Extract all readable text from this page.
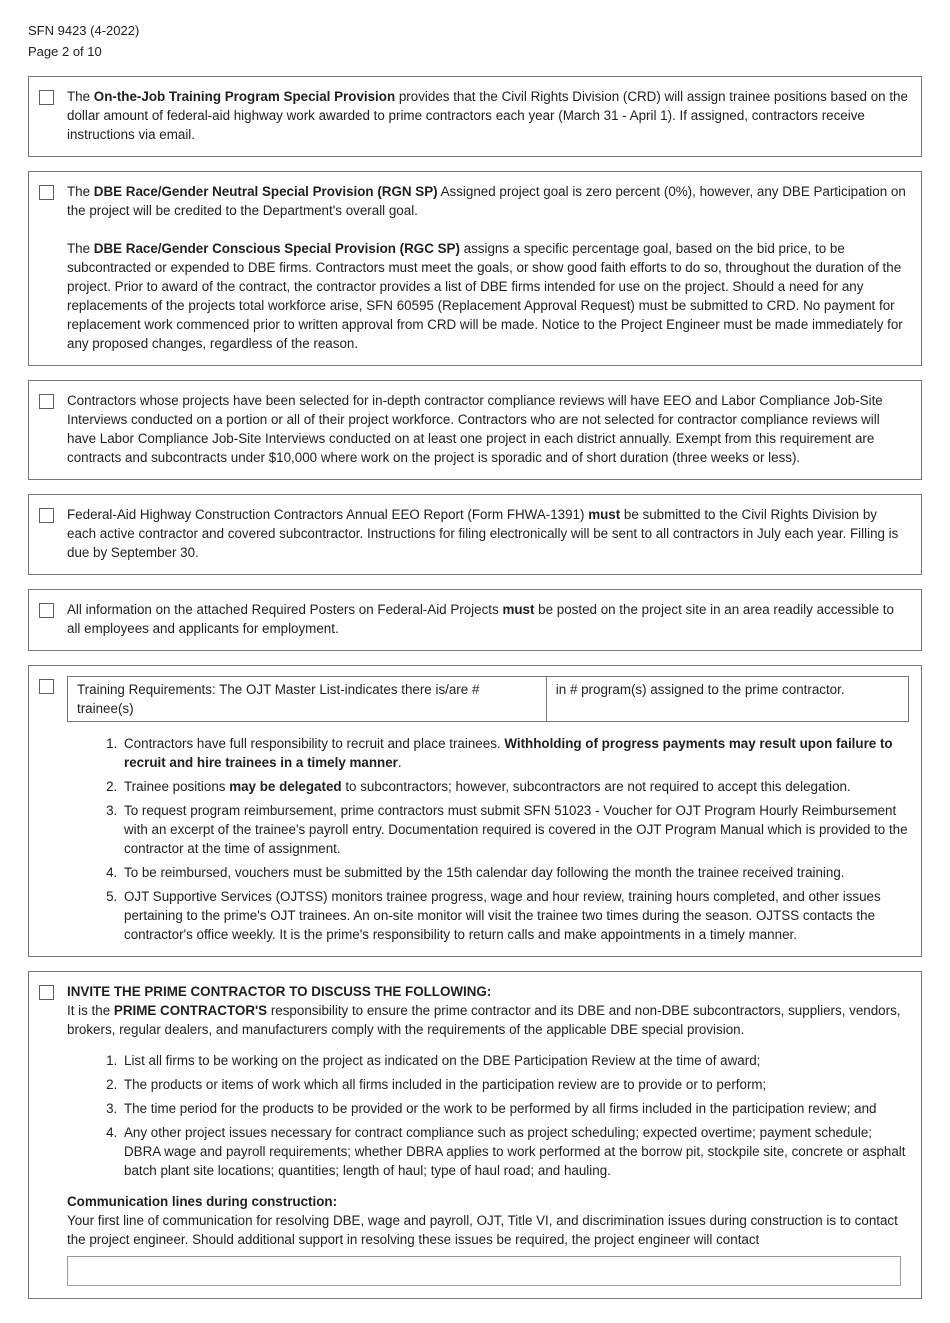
SFN 9423 (4-2022)
Page 2 of 10

The On-the-Job Training Program Special Provision provides that the Civil Rights Division (CRD) will assign trainee positions based on the dollar amount of federal-aid highway work awarded to prime contractors each year (March 31 - April 1). If assigned, contractors receive instructions via email.

The DBE Race/Gender Neutral Special Provision (RGN SP) Assigned project goal is zero percent (0%), however, any DBE Participation on the project will be credited to the Department's overall goal.

The DBE Race/Gender Conscious Special Provision (RGC SP) assigns a specific percentage goal, based on the bid price, to be subcontracted or expended to DBE firms. Contractors must meet the goals, or show good faith efforts to do so, throughout the duration of the project. Prior to award of the contract, the contractor provides a list of DBE firms intended for use on the project. Should a need for any replacements of the projects total workforce arise, SFN 60595 (Replacement Approval Request) must be submitted to CRD. No payment for replacement work commenced prior to written approval from CRD will be made. Notice to the Project Engineer must be made immediately for any proposed changes, regardless of the reason.

Contractors whose projects have been selected for in-depth contractor compliance reviews will have EEO and Labor Compliance Job-Site Interviews conducted on a portion or all of their project workforce. Contractors who are not selected for contractor compliance reviews will have Labor Compliance Job-Site Interviews conducted on at least one project in each district annually. Exempt from this requirement are contracts and subcontracts under $10,000 where work on the project is sporadic and of short duration (three weeks or less).

Federal-Aid Highway Construction Contractors Annual EEO Report (Form FHWA-1391) must be submitted to the Civil Rights Division by each active contractor and covered subcontractor. Instructions for filing electronically will be sent to all contractors in July each year. Filling is due by September 30.

All information on the attached Required Posters on Federal-Aid Projects must be posted on the project site in an area readily accessible to all employees and applicants for employment.

Training Requirements: The OJT Master List-indicates there is/are # trainee(s)
in # program(s) assigned to the prime contractor.
1. Contractors have full responsibility to recruit and place trainees. Withholding of progress payments may result upon failure to recruit and hire trainees in a timely manner.
2. Trainee positions may be delegated to subcontractors; however, subcontractors are not required to accept this delegation.
3. To request program reimbursement, prime contractors must submit SFN 51023 - Voucher for OJT Program Hourly Reimbursement with an excerpt of the trainee's payroll entry. Documentation required is covered in the OJT Program Manual which is provided to the contractor at the time of assignment.
4. To be reimbursed, vouchers must be submitted by the 15th calendar day following the month the trainee received training.
5. OJT Supportive Services (OJTSS) monitors trainee progress, wage and hour review, training hours completed, and other issues pertaining to the prime's OJT trainees. An on-site monitor will visit the trainee two times during the season. OJTSS contacts the contractor's office weekly. It is the prime's responsibility to return calls and make appointments in a timely manner.
INVITE THE PRIME CONTRACTOR TO DISCUSS THE FOLLOWING:

It is the PRIME CONTRACTOR'S responsibility to ensure the prime contractor and its DBE and non-DBE subcontractors, suppliers, vendors, brokers, regular dealers, and manufacturers comply with the requirements of the applicable DBE special provision.

1. List all firms to be working on the project as indicated on the DBE Participation Review at the time of award;
2. The products or items of work which all firms included in the participation review are to provide or to perform;
3. The time period for the products to be provided or the work to be performed by all firms included in the participation review; and
4. Any other project issues necessary for contract compliance such as project scheduling; expected overtime; payment schedule; DBRA wage and payroll requirements; whether DBRA applies to work performed at the borrow pit, stockpile site, concrete or asphalt batch plant site locations; quantities; length of haul; type of haul road; and hauling.
Communication lines during construction:

Your first line of communication for resolving DBE, wage and payroll, OJT, Title VI, and discrimination issues during construction is to contact the project engineer. Should additional support in resolving these issues be required, the project engineer will contact
